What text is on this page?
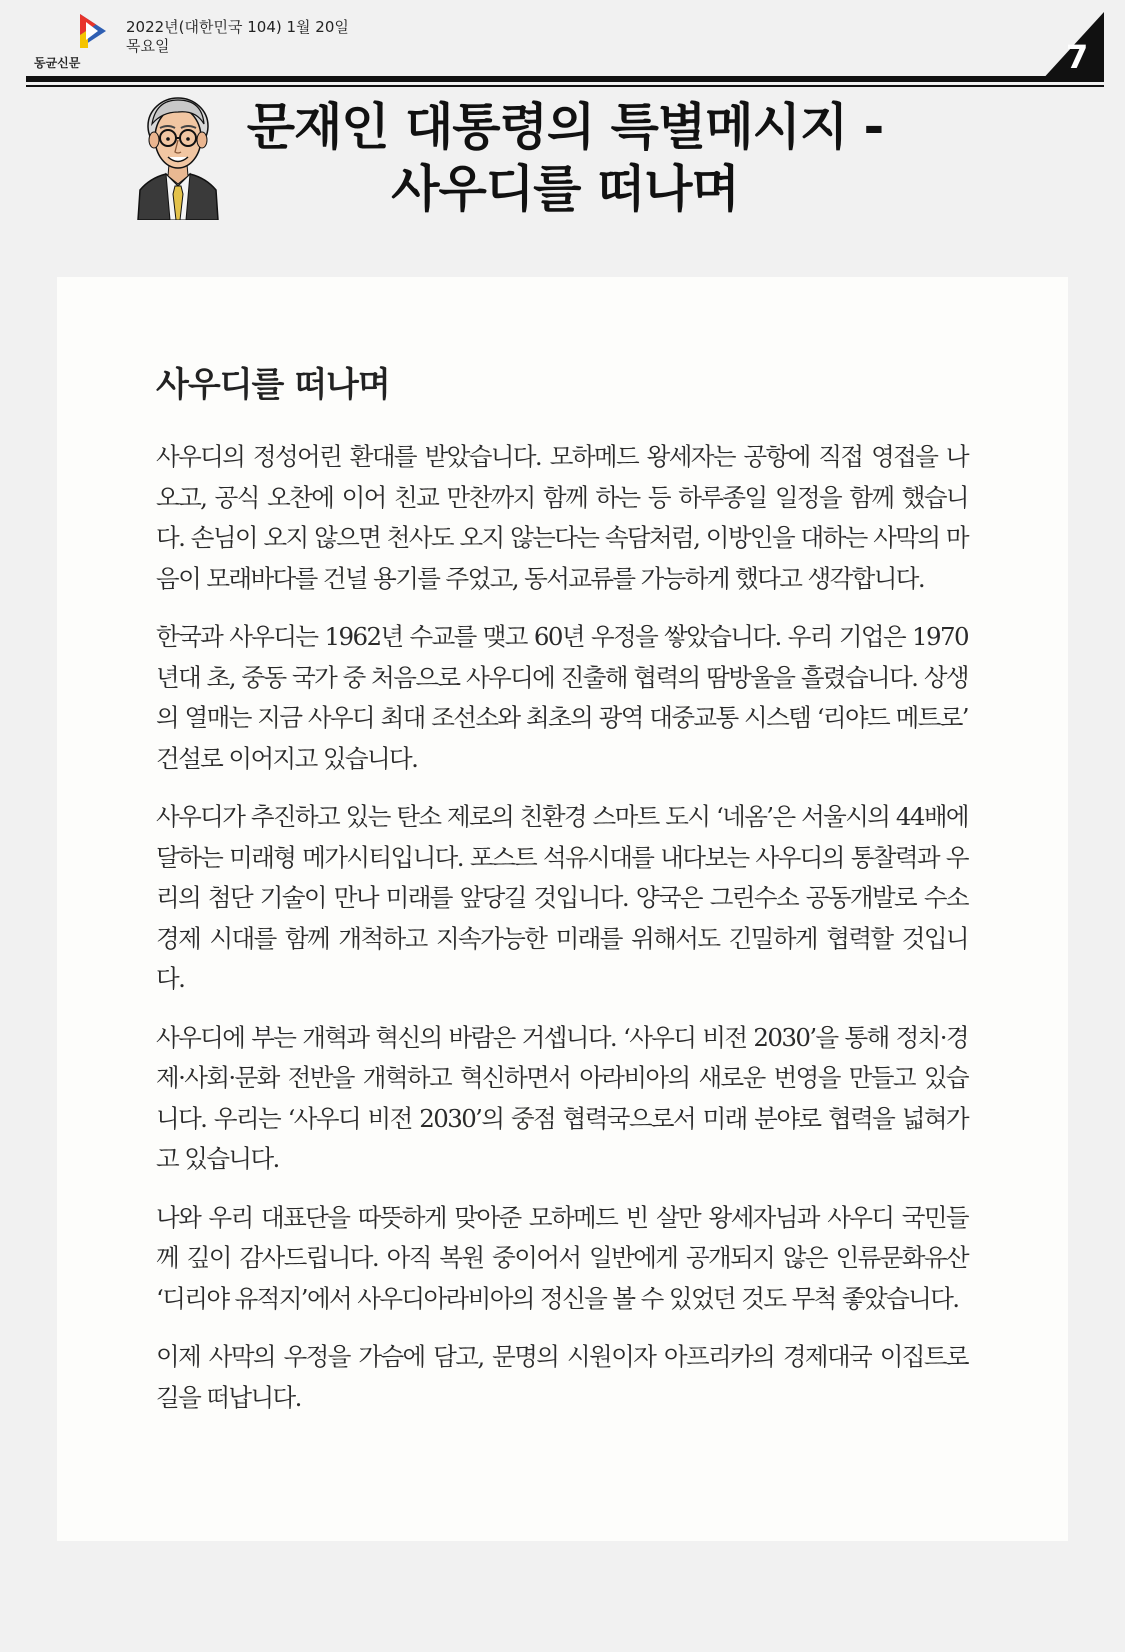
동균신문
2022년(대한민국 104) 1월 20일
목요일	7
문재인 대통령의 특별메시지 -
사우디를 떠나며
사우디를 떠나며

사우디의 정성어린 환대를 받았습니다. 모하메드 왕세자는 공항에 직접 영접을 나오고, 공식 오찬에 이어 친교 만찬까지 함께 하는 등 하루종일 일정을 함께 했습니다. 손님이 오지 않으면 천사도 오지 않는다는 속담처럼, 이방인을 대하는 사막의 마음이 모래바다를 건널 용기를 주었고, 동서교류를 가능하게 했다고 생각합니다.

한국과 사우디는 1962년 수교를 맺고 60년 우정을 쌓았습니다. 우리 기업은 1970년대 초, 중동 국가 중 처음으로 사우디에 진출해 협력의 땀방울을 흘렸습니다. 상생의 열매는 지금 사우디 최대 조선소와 최초의 광역 대중교통 시스템 ‘리야드 메트로’ 건설로 이어지고 있습니다.

사우디가 추진하고 있는 탄소 제로의 친환경 스마트 도시 ‘네옴’은 서울시의 44배에 달하는 미래형 메가시티입니다. 포스트 석유시대를 내다보는 사우디의 통찰력과 우리의 첨단 기술이 만나 미래를 앞당길 것입니다. 양국은 그린수소 공동개발로 수소경제 시대를 함께 개척하고 지속가능한 미래를 위해서도 긴밀하게 협력할 것입니다.

사우디에 부는 개혁과 혁신의 바람은 거셉니다. ‘사우디 비전 2030’을 통해 정치·경제·사회·문화 전반을 개혁하고 혁신하면서 아라비아의 새로운 번영을 만들고 있습니다. 우리는 ‘사우디 비전 2030’의 중점 협력국으로서 미래 분야로 협력을 넓혀가고 있습니다.

나와 우리 대표단을 따뜻하게 맞아준 모하메드 빈 살만 왕세자님과 사우디 국민들께 깊이 감사드립니다. 아직 복원 중이어서 일반에게 공개되지 않은 인류문화유산 ‘디리야 유적지’에서 사우디아라비아의 정신을 볼 수 있었던 것도 무척 좋았습니다.

이제 사막의 우정을 가슴에 담고, 문명의 시원이자 아프리카의 경제대국 이집트로 길을 떠납니다.
